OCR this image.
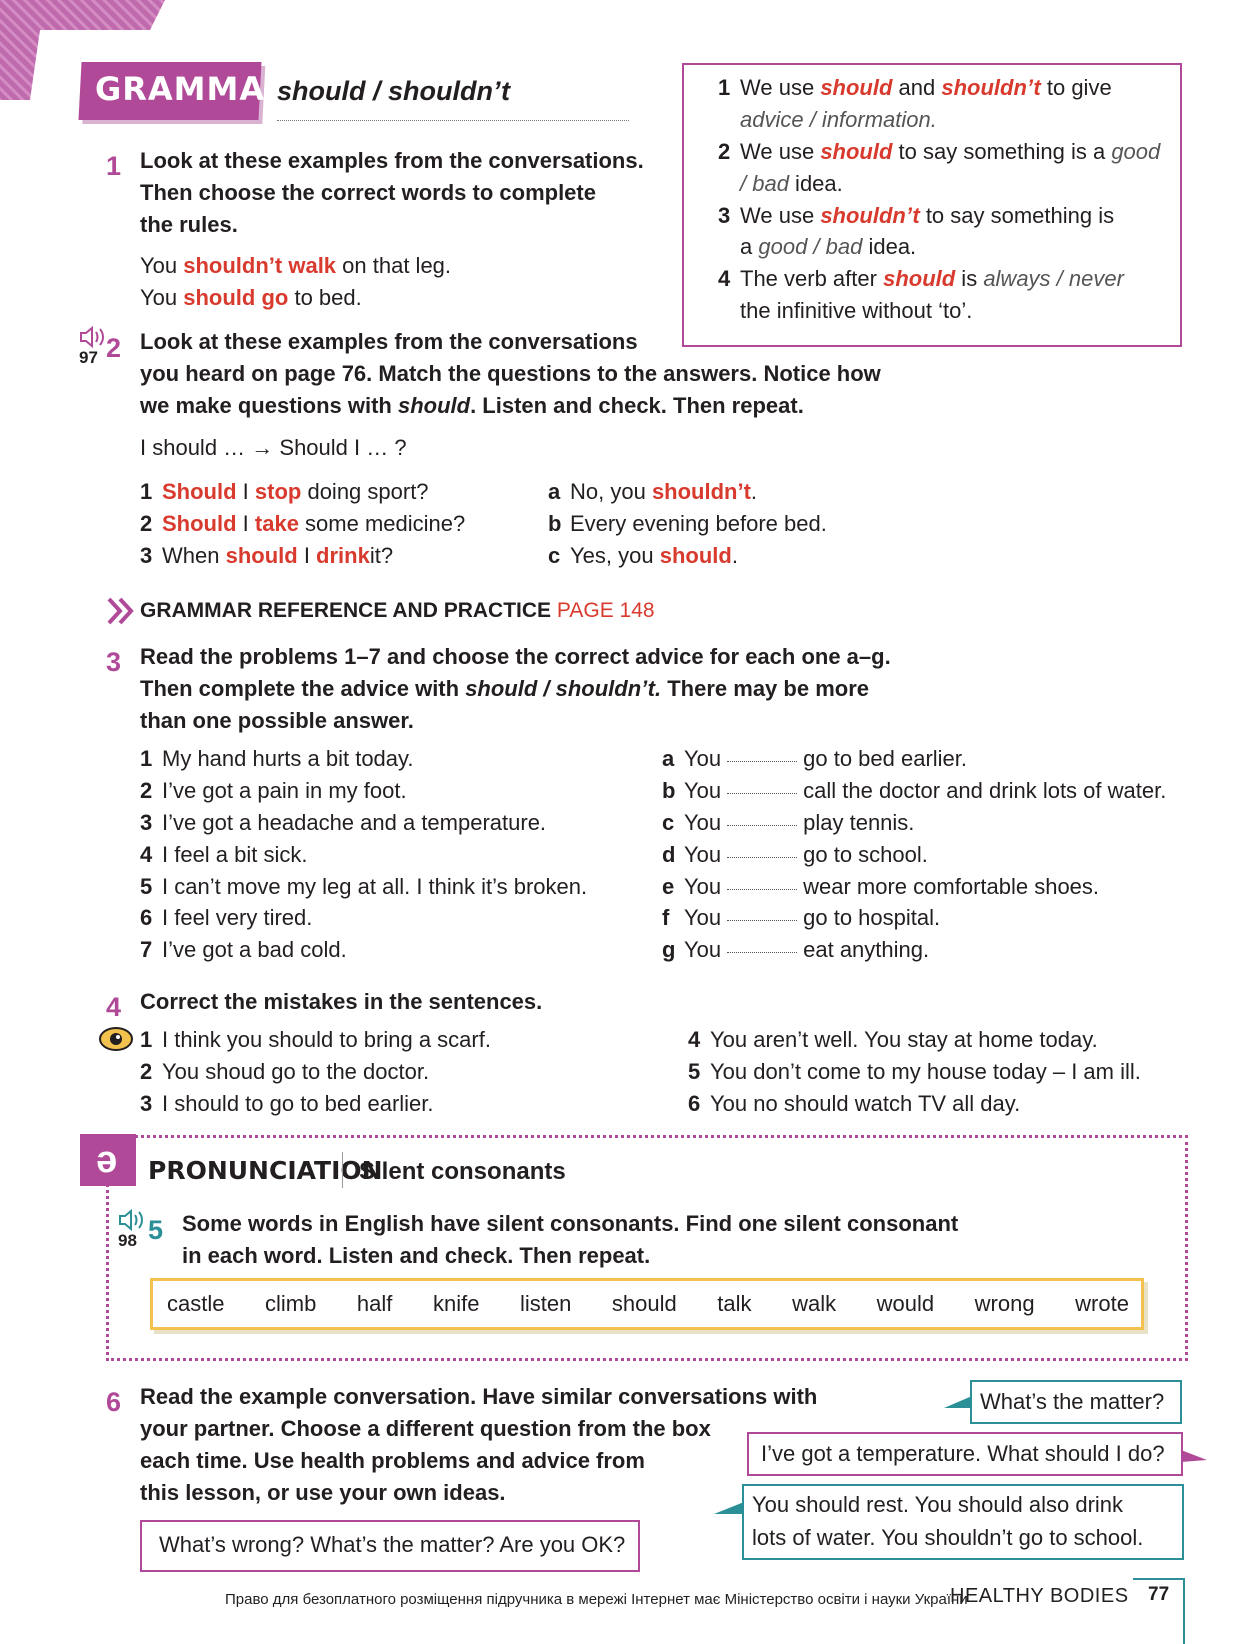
GRAMMAR
should / shouldn’t	1 We use should and shouldn’t to give
advice / information.
2 We use should to say something is a good
/ bad idea.
3 We use shouldn’t to say something is
a good / bad idea.
4 The verb after should is always / never
the infinitive without ‘to’.
1 Look at these examples from the conversations.
Then choose the correct words to complete
the rules.
You shouldn’t walk on that leg.
You should go to bed.
97 2 Look at these examples from the conversations
you heard on page 76. Match the questions to the answers. Notice how
we make questions with should. Listen and check. Then repeat.
I should … → Should I … ?
1 Should I stop doing sport?
2 Should I take some medicine?
3 When should I drink it?
a No, you shouldn’t .
b Every evening before bed.
c Yes, you should .
GRAMMAR REFERENCE AND PRACTICE PAGE 148
3 Read the problems 1–7 and choose the correct advice for each one a–g.
Then complete the advice with should / shouldn’t. There may be more
than one possible answer.
1 My hand hurts a bit today.
2 I’ve got a pain in my foot.
3 I’ve got a headache and a temperature.
4 I feel a bit sick.
5 I can’t move my leg at all. I think it’s broken.
6 I feel very tired.
7 I’ve got a bad cold.
a You	go to bed earlier.
b You	call the doctor and drink lots of water.
c You	play tennis.
d You	go to school.
e You	wear more comfortable shoes.
f You	go to hospital.
g You	eat anything.
4 Correct the mistakes in the sentences.
1 I think you should to bring a scarf.
2 You shoud go to the doctor.
3 I should to go to bed earlier.
4 You aren’t well. You stay at home today.
5 You don’t come to my house today – I am ill.
6 You no should watch TV all day.
ə PRONUNCIATION
Silent consonants
98 5 Some words in English have silent consonants. Find one silent consonant
in each word. Listen and check. Then repeat.
castle climb half knife listen should talk walk would wrong wrote
6 Read the example conversation. Have similar conversations with
your partner. Choose a different question from the box
each time. Use health problems and advice from
this lesson, or use your own ideas.
What’s wrong? What’s the matter? Are you OK?
What’s the matter?
I’ve got a temperature. What should I do?
You should rest. You should also drink
lots of water. You shouldn’t go to school.
Право для безоплатного розміщення підручника в мережі Інтернет має Міністерство освіти і науки України
HEALTHY BODIES 77
